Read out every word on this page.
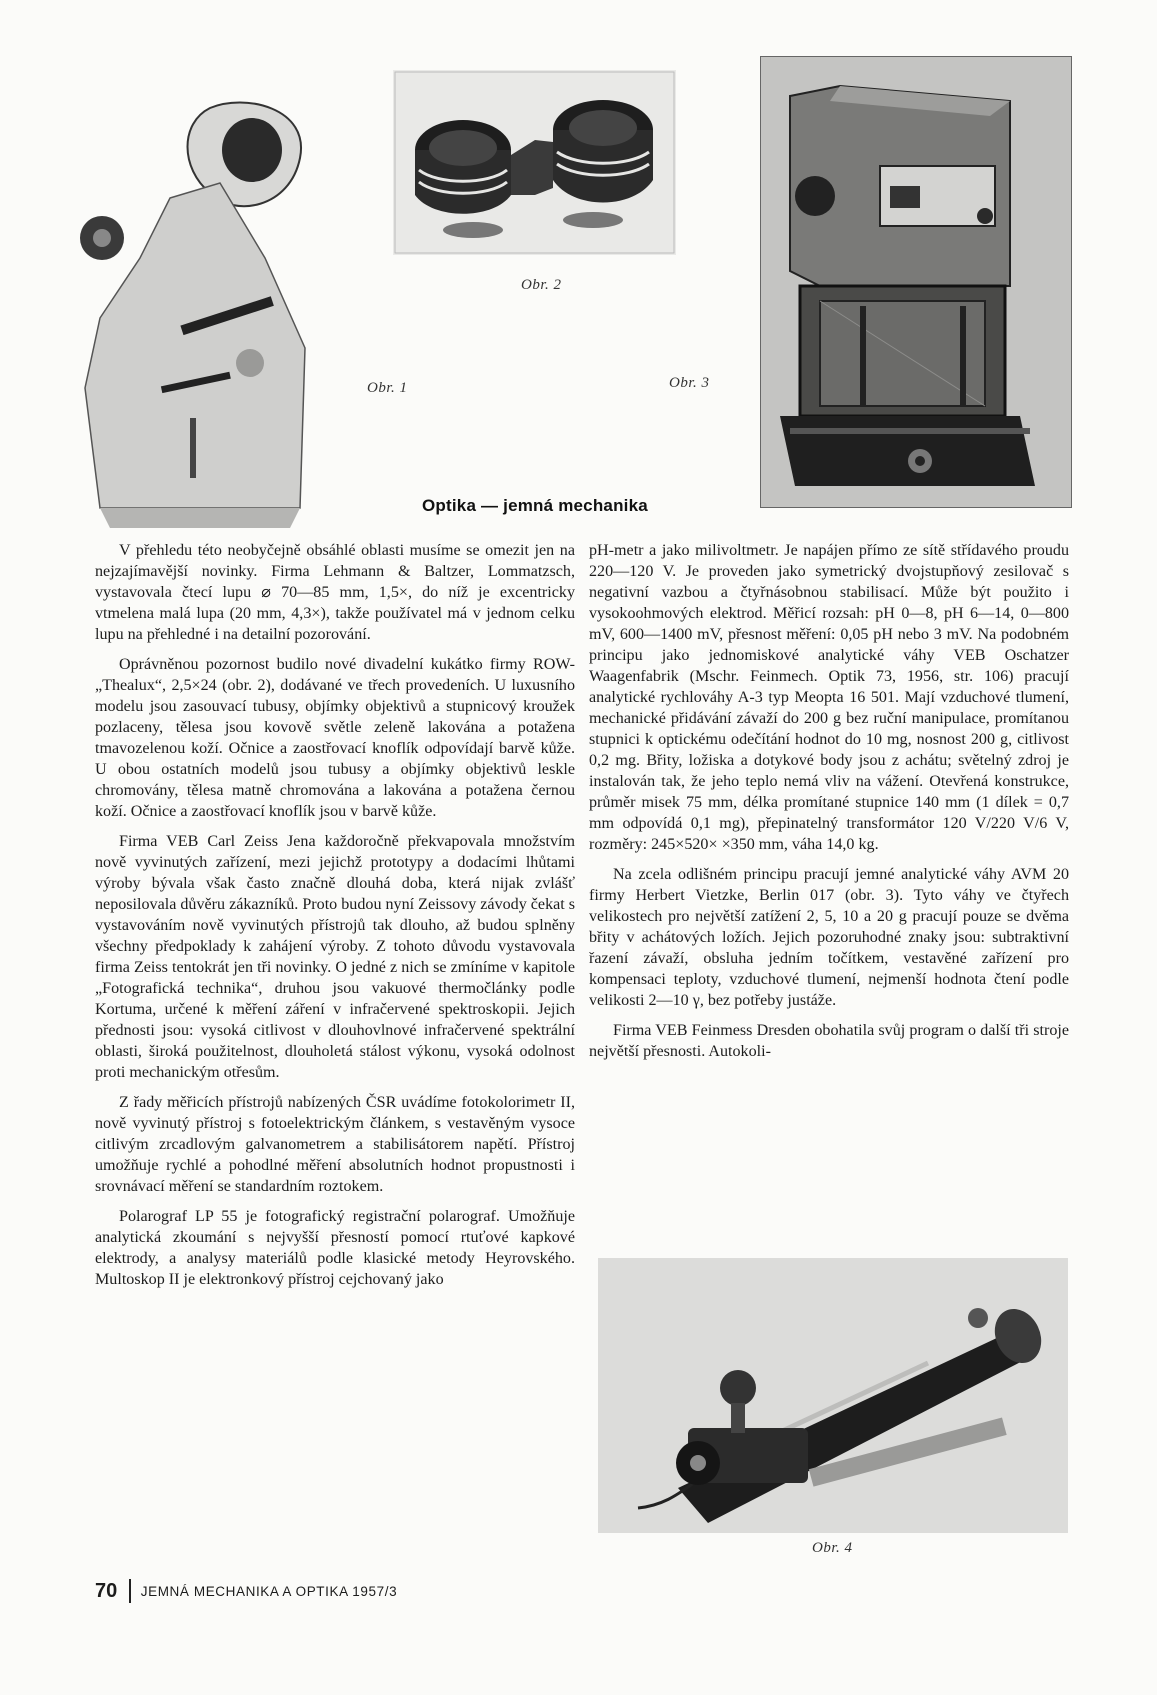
Obr. 2
Obr. 1	Obr. 3
Optika — jemná mechanika

V přehledu této neobyčejně obsáhlé oblasti musíme se omezit jen na nejzajímavější novinky. Firma Lehmann & Baltzer, Lommatzsch, vystavovala čtecí lupu ⌀ 70—85 mm, 1,5×, do níž je excentricky vtmelena malá lupa (20 mm, 4,3×), takže používatel má v jednom celku lupu na přehledné i na detailní pozorování.

Oprávněnou pozornost budilo nové divadelní kukátko firmy ROW-„Thealux“, 2,5×24 (obr. 2), dodávané ve třech provedeních. U luxusního modelu jsou zasouvací tubusy, objímky objektivů a stupnicový kroužek pozlaceny, tělesa jsou kovově světle zeleně lakována a potažena tmavozelenou koží. Očnice a zaostřovací knoflík odpovídají barvě kůže. U obou ostatních modelů jsou tubusy a objímky objektivů leskle chromovány, tělesa matně chromována a lakována a potažena černou koží. Očnice a zaostřovací knoflík jsou v barvě kůže.

Firma VEB Carl Zeiss Jena každoročně překvapovala množstvím nově vyvinutých zařízení, mezi jejichž prototypy a dodacími lhůtami výroby bývala však často značně dlouhá doba, která nijak zvlášť neposilovala důvěru zákazníků. Proto budou nyní Zeissovy závody čekat s vystavováním nově vyvinutých přístrojů tak dlouho, až budou splněny všechny předpoklady k zahájení výroby. Z tohoto důvodu vystavovala firma Zeiss tentokrát jen tři novinky. O jedné z nich se zmíníme v kapitole „Fotografická technika“, druhou jsou vakuové thermočlánky podle Kortuma, určené k měření záření v infračervené spektroskopii. Jejich přednosti jsou: vysoká citlivost v dlouhovlnové infračervené spektrální oblasti, široká použitelnost, dlouholetá stálost výkonu, vysoká odolnost proti mechanickým otřesům.

Z řady měřicích přístrojů nabízených ČSR uvádíme fotokolorimetr II, nově vyvinutý přístroj s fotoelektrickým článkem, s vestavěným vysoce citlivým zrcadlovým galvanometrem a stabilisátorem napětí. Přístroj umožňuje rychlé a pohodlné měření absolutních hodnot propustnosti i srovnávací měření se standardním roztokem.

Polarograf LP 55 je fotografický registrační polarograf. Umožňuje analytická zkoumání s nejvyšší přesností pomocí rtuťové kapkové elektrody, a analysy materiálů podle klasické metody Heyrovského. Multoskop II je elektronkový přístroj cejchovaný jako

pH-metr a jako milivoltmetr. Je napájen přímo ze sítě střídavého proudu 220—120 V. Je proveden jako symetrický dvojstupňový zesilovač s negativní vazbou a čtyřnásobnou stabilisací. Může být použito i vysokoohmových elektrod. Měřicí rozsah: pH 0—8, pH 6—14, 0—800 mV, 600—1400 mV, přesnost měření: 0,05 pH nebo 3 mV. Na podobném principu jako jednomiskové analytické váhy VEB Oschatzer Waagenfabrik (Mschr. Feinmech. Optik 73, 1956, str. 106) pracují analytické rychlováhy A-3 typ Meopta 16 501. Mají vzduchové tlumení, mechanické přidávání závaží do 200 g bez ruční manipulace, promítanou stupnici k optickému odečítání hodnot do 10 mg, nosnost 200 g, citlivost 0,2 mg. Břity, ložiska a dotykové body jsou z achátu; světelný zdroj je instalován tak, že jeho teplo nemá vliv na vážení. Otevřená konstrukce, průměr misek 75 mm, délka promítané stupnice 140 mm (1 dílek = 0,7 mm odpovídá 0,1 mg), přepinatelný transformátor 120 V/220 V/6 V, rozměry: 245×520× ×350 mm, váha 14,0 kg.

Na zcela odlišném principu pracují jemné analytické váhy AVM 20 firmy Herbert Vietzke, Berlin 017 (obr. 3). Tyto váhy ve čtyřech velikostech pro největší zatížení 2, 5, 10 a 20 g pracují pouze se dvěma břity v achátových ložích. Jejich pozoruhodné znaky jsou: subtraktivní řazení závaží, obsluha jedním točítkem, vestavěné zařízení pro kompensaci teploty, vzduchové tlumení, nejmenší hodnota čtení podle velikosti 2—10 γ, bez potřeby justáže.

Firma VEB Feinmess Dresden obohatila svůj program o další tři stroje největší přesnosti. Autokoli-

Obr. 4
70 JEMNÁ MECHANIKA A OPTIKA 1957/3
